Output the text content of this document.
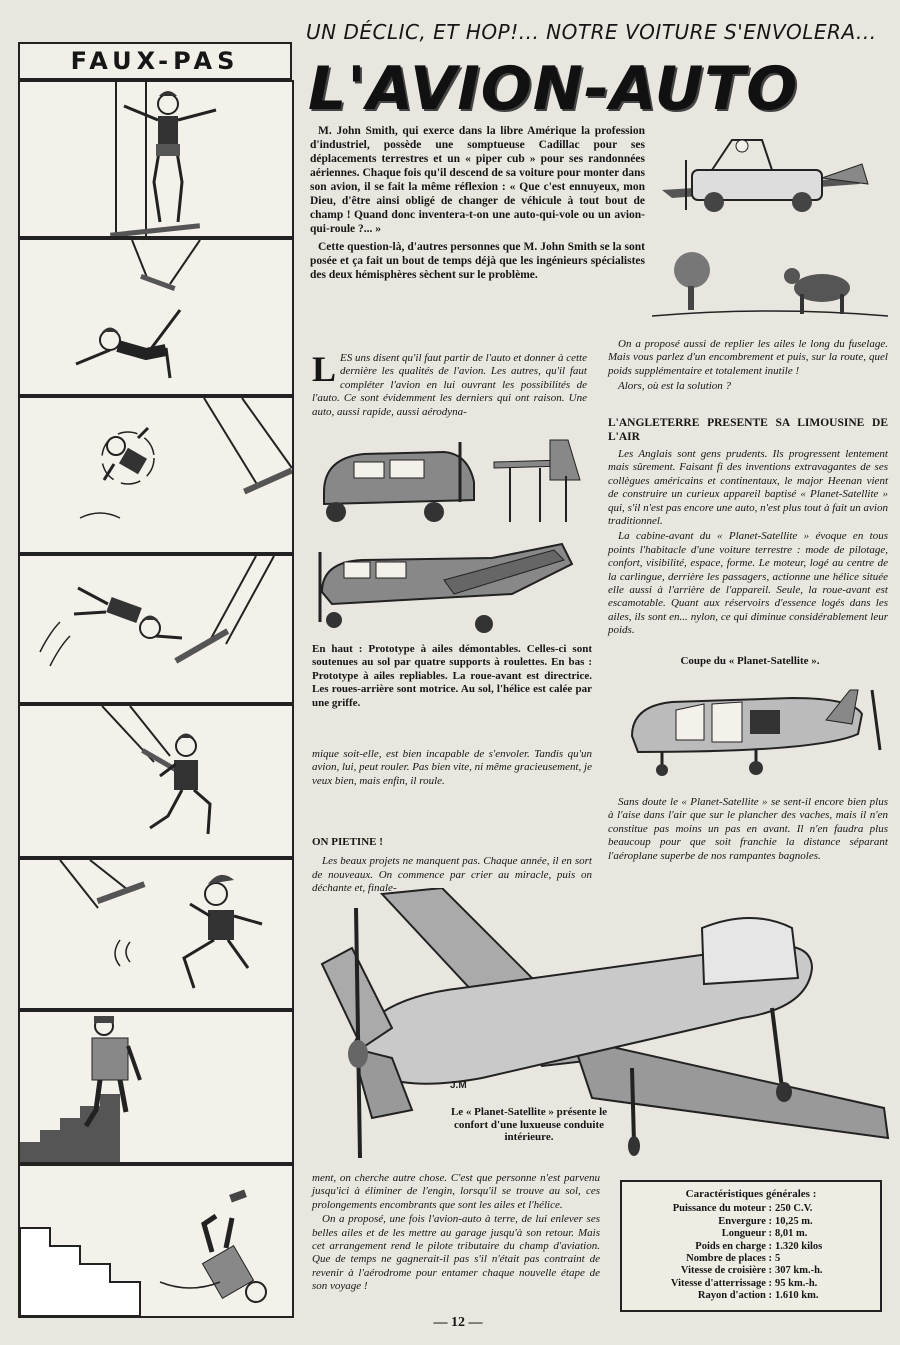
FAUX-PAS
UN DÉCLIC, ET HOP!... NOTRE VOITURE S'ENVOLERA...
L'AVION-AUTO

M. John Smith, qui exerce dans la libre Amérique la profession d'industriel, possède une somptueuse Cadillac pour ses déplacements terrestres et un « piper cub » pour ses randonnées aériennes. Chaque fois qu'il descend de sa voiture pour monter dans son avion, il se fait la même réflexion : « Que c'est ennuyeux, mon Dieu, d'être ainsi obligé de changer de véhicule à tout bout de champ ! Quand donc inventera-t-on une auto-qui-vole ou un avion-qui-roule ?... »

Cette question-là, d'autres personnes que M. John Smith se la sont posée et ça fait un bout de temps déjà que les ingénieurs spécialistes des deux hémisphères sèchent sur le problème.

LES uns disent qu'il faut partir de l'auto et donner à cette dernière les qualités de l'avion. Les autres, qu'il faut compléter l'avion en lui ouvrant les possibilités de l'auto. Ce sont évidemment les derniers qui ont raison. Une auto, aussi rapide, aussi aérodyna-
En haut : Prototype à ailes démontables. Celles-ci sont soutenues au sol par quatre supports à roulettes. En bas : Prototype à ailes repliables. La roue-avant est directrice. Les roues-arrière sont motrice. Au sol, l'hélice est calée par une griffe.
mique soit-elle, est bien incapable de s'envoler. Tandis qu'un avion, lui, peut rouler. Pas bien vite, ni même gracieusement, je veux bien, mais enfin, il roule.
ON PIETINE !
Les beaux projets ne manquent pas. Chaque année, il en sort de nouveaux. On commence par crier au miracle, puis on déchante et, finale-
On a proposé aussi de replier les ailes le long du fuselage. Mais vous parlez d'un encombrement et puis, sur la route, quel poids supplémentaire et totalement inutile !
Alors, où est la solution ?
L'ANGLETERRE PRESENTE SA LIMOUSINE DE L'AIR

Les Anglais sont gens prudents. Ils progressent lentement mais sûrement. Faisant fi des inventions extravagantes de ses collègues américains et continentaux, le major Heenan vient de construire un curieux appareil baptisé « Planet-Satellite » qui, s'il n'est pas encore une auto, n'est plus tout à fait un avion traditionnel.

La cabine-avant du « Planet-Satellite » évoque en tous points l'habitacle d'une voiture terrestre : mode de pilotage, confort, visibilité, espace, forme. Le moteur, logé au centre de la carlingue, derrière les passagers, actionne une hélice située elle aussi à l'arrière de l'appareil. Seule, la roue-avant est escamotable. Quant aux réservoirs d'essence logés dans les ailes, ils sont en... nylon, ce qui diminue considérablement leur poids.

Coupe du « Planet-Satellite ».
Sans doute le « Planet-Satellite » se sent-il encore bien plus à l'aise dans l'air que sur le plancher des vaches, mais il n'en constitue pas moins un pas en avant. Il n'en faudra plus beaucoup pour que soit franchie la distance séparant l'aéroplane superbe de nos rampantes bagnoles.
J.M
Le « Planet-Satellite » présente le confort d'une luxueuse conduite intérieure.

ment, on cherche autre chose. C'est que personne n'est parvenu jusqu'ici à éliminer de l'engin, lorsqu'il se trouve au sol, ces prolongements encombrants que sont les ailes et l'hélice.

On a proposé, une fois l'avion-auto à terre, de lui enlever ses belles ailes et de les mettre au garage jusqu'à son retour. Mais cet arrangement rend le pilote tributaire du champ d'aviation. Que de temps ne gagnerait-il pas s'il n'était pas contraint de revenir à l'aérodrome pour entamer chaque nouvelle étape de son voyage !

Caractéristiques générales :
Puissance du moteur : 250 C.V.
Envergure : 10,25 m.
Longueur : 8,01 m.
Poids en charge : 1.320 kilos
Nombre de places : 5
Vitesse de croisière : 307 km.-h.
Vitesse d'atterrissage : 95 km.-h.
Rayon d'action : 1.610 km.
— 12 —
